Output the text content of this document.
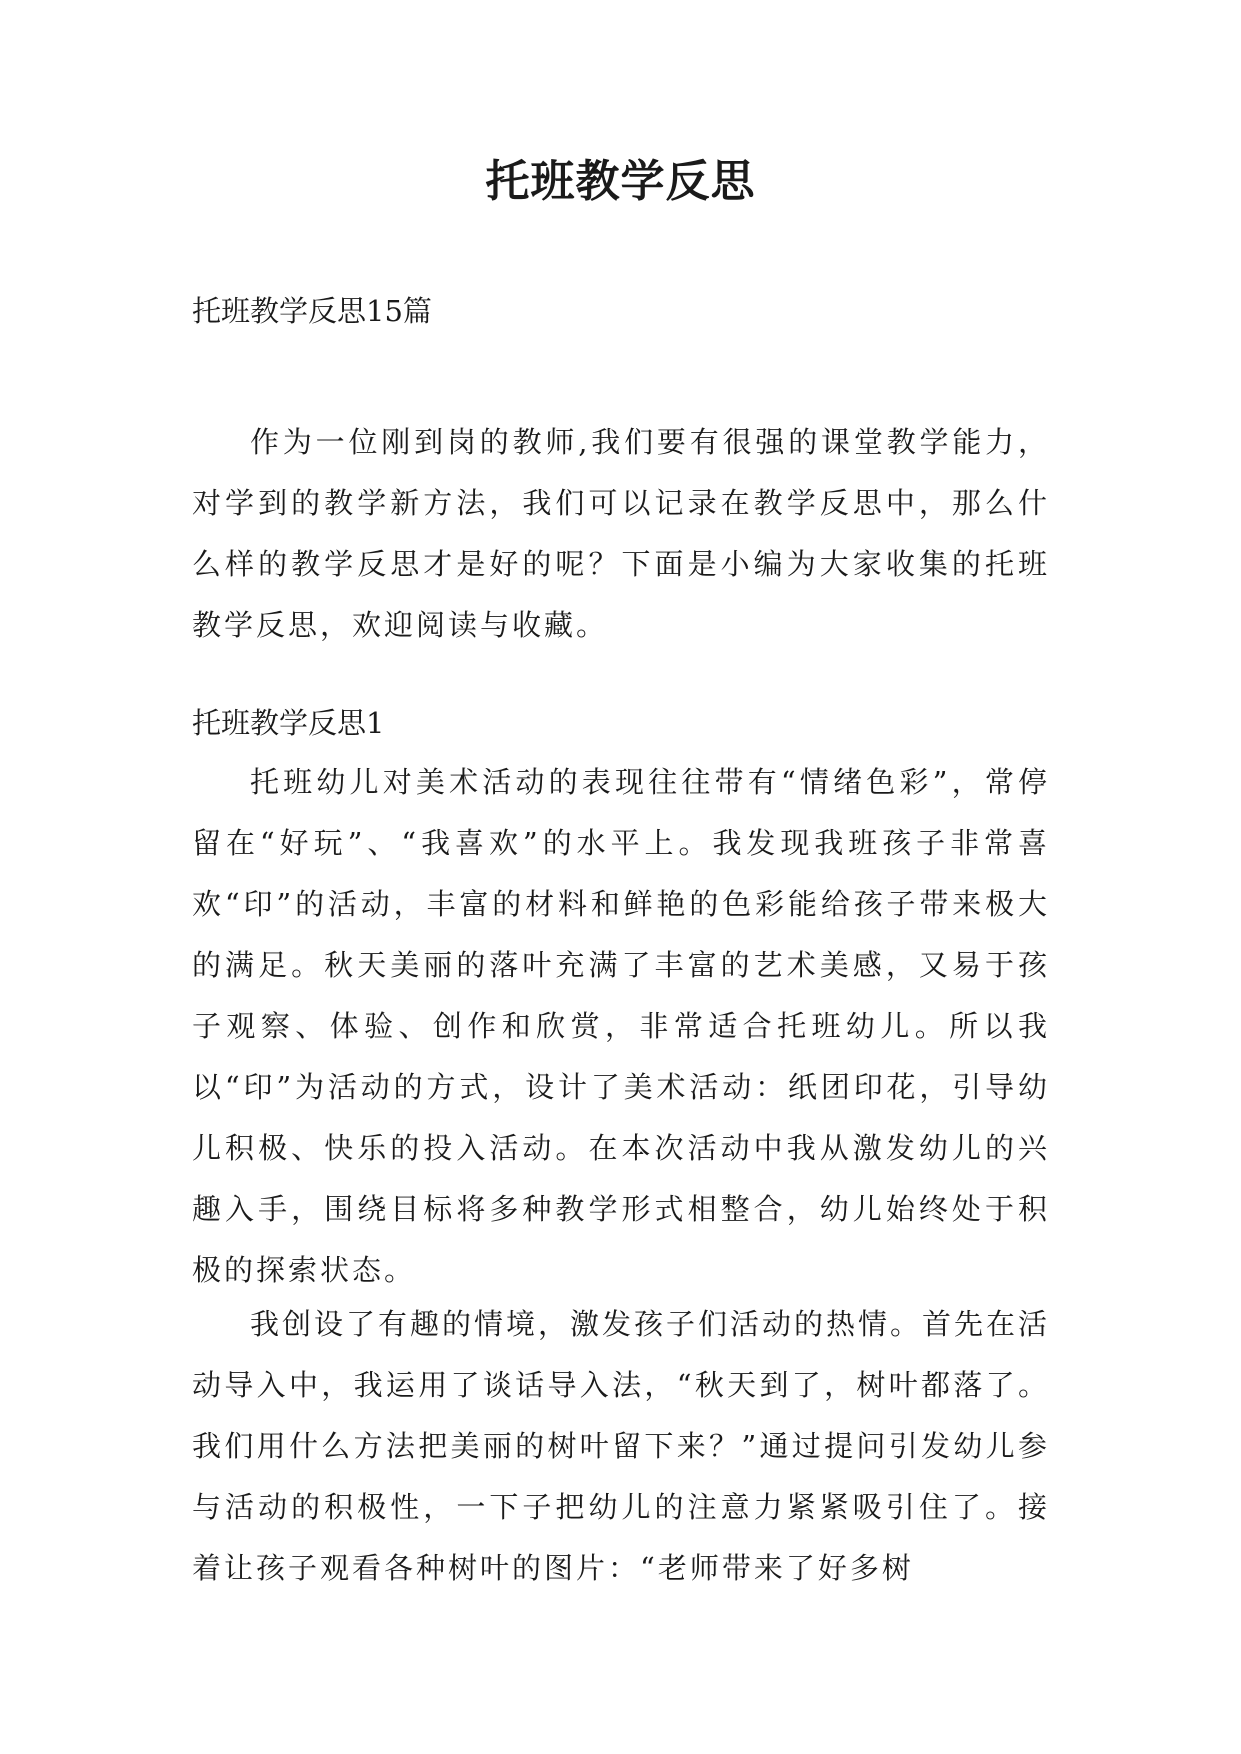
托班教学反思

托班教学反思15篇

作为一位刚到岗的教师,我们要有很强的课堂教学能力，对学到的教学新方法，我们可以记录在教学反思中，那么什么样的教学反思才是好的呢？下面是小编为大家收集的托班教学反思，欢迎阅读与收藏。

托班教学反思1

托班幼儿对美术活动的表现往往带有“情绪色彩”，常停留在“好玩”、“我喜欢”的水平上。我发现我班孩子非常喜欢“印”的活动，丰富的材料和鲜艳的色彩能给孩子带来极大的满足。秋天美丽的落叶充满了丰富的艺术美感，又易于孩子观察、体验、创作和欣赏，非常适合托班幼儿。所以我以“印”为活动的方式，设计了美术活动：纸团印花，引导幼儿积极、快乐的投入活动。在本次活动中我从激发幼儿的兴趣入手，围绕目标将多种教学形式相整合，幼儿始终处于积极的探索状态。

我创设了有趣的情境，激发孩子们活动的热情。首先在活动导入中，我运用了谈话导入法，“秋天到了，树叶都落了。我们用什么方法把美丽的树叶留下来？”通过提问引发幼儿参与活动的积极性，一下子把幼儿的注意力紧紧吸引住了。接着让孩子观看各种树叶的图片：“老师带来了好多树
